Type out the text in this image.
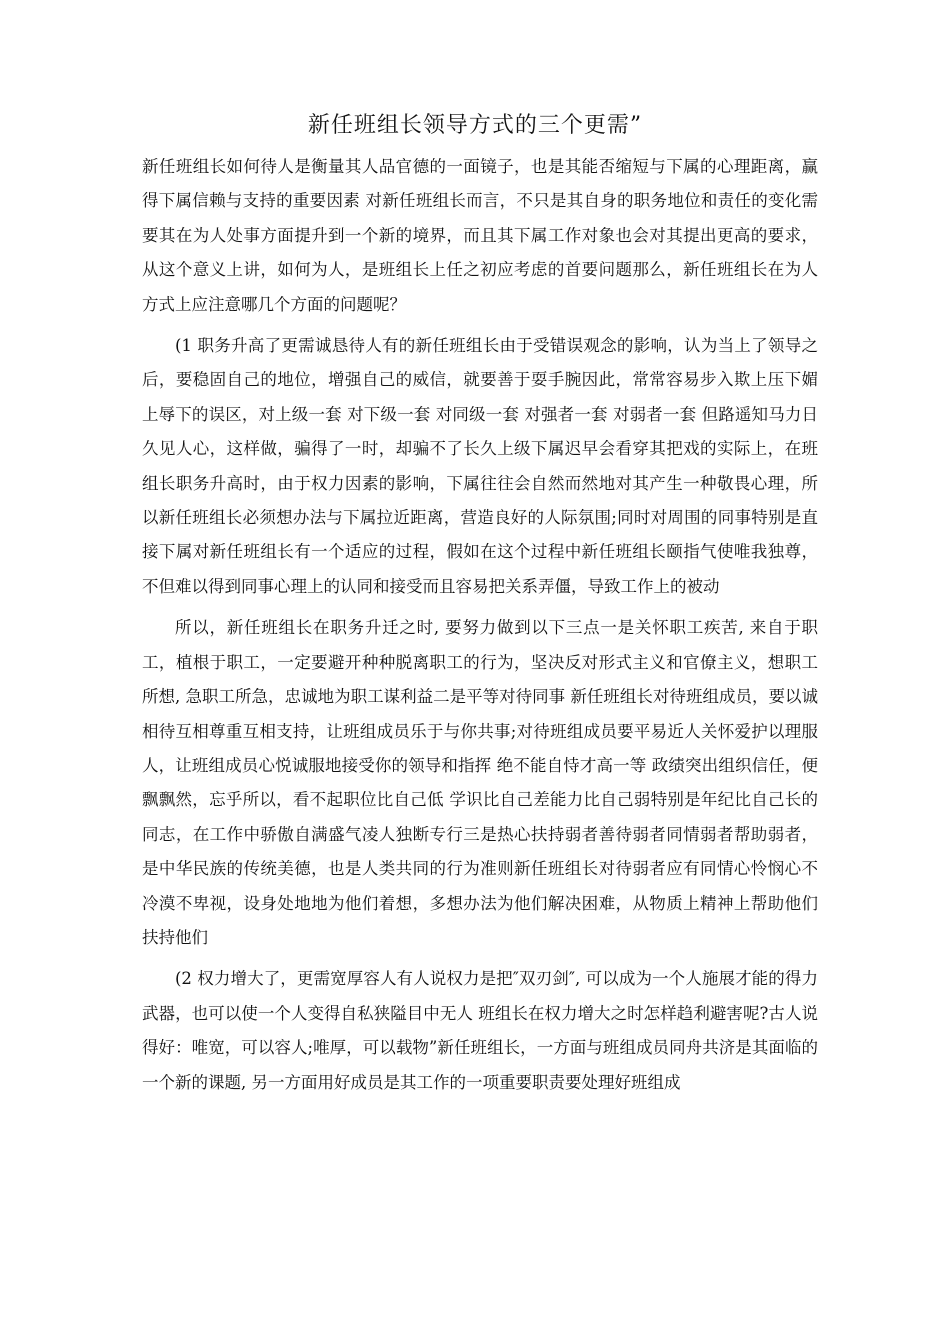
新任班组长领导方式的三个更需”

新任班组长如何待人是衡量其人品官德的一面镜子，也是其能否缩短与下属的心理距离，赢得下属信赖与支持的重要因素 对新任班组长而言，不只是其自身的职务地位和责任的变化需要其在为人处事方面提升到一个新的境界，而且其下属工作对象也会对其提出更高的要求，从这个意义上讲，如何为人，是班组长上任之初应考虑的首要问题那么，新任班组长在为人方式上应注意哪几个方面的问题呢？

(1 职务升高了更需诚恳待人有的新任班组长由于受错误观念的影响，认为当上了领导之后，要稳固自己的地位，增强自己的威信，就要善于耍手腕因此，常常容易步入欺上压下媚上辱下的误区，对上级一套 对下级一套 对同级一套 对强者一套 对弱者一套 但路遥知马力日久见人心，这样做，骗得了一时，却骗不了长久上级下属迟早会看穿其把戏的实际上，在班组长职务升高时，由于权力因素的影响，下属往往会自然而然地对其产生一种敬畏心理，所以新任班组长必须想办法与下属拉近距离，营造良好的人际氛围;同时对周围的同事特别是直接下属对新任班组长有一个适应的过程，假如在这个过程中新任班组长颐指气使唯我独尊，不但难以得到同事心理上的认同和接受而且容易把关系弄僵，导致工作上的被动

所以，新任班组长在职务升迁之时, 要努力做到以下三点一是关怀职工疾苦, 来自于职工，植根于职工，一定要避开种种脱离职工的行为，坚决反对形式主义和官僚主义，想职工所想, 急职工所急，忠诚地为职工谋利益二是平等对待同事 新任班组长对待班组成员，要以诚相待互相尊重互相支持，让班组成员乐于与你共事;对待班组成员要平易近人关怀爱护以理服人，让班组成员心悦诚服地接受你的领导和指挥 绝不能自恃才高一等 政绩突出组织信任，便飘飘然，忘乎所以，看不起职位比自己低 学识比自己差能力比自己弱特别是年纪比自己长的同志，在工作中骄傲自满盛气凌人独断专行三是热心扶持弱者善待弱者同情弱者帮助弱者，是中华民族的传统美德，也是人类共同的行为准则新任班组长对待弱者应有同情心怜悯心不冷漠不卑视，设身处地地为他们着想，多想办法为他们解决困难，从物质上精神上帮助他们扶持他们

(2 权力增大了，更需宽厚容人有人说权力是把″双刃剑″, 可以成为一个人施展才能的得力武器，也可以使一个人变得自私狭隘目中无人 班组长在权力增大之时怎样趋利避害呢?古人说得好：唯宽，可以容人;唯厚，可以载物”新任班组长，一方面与班组成员同舟共济是其面临的一个新的课题, 另一方面用好成员是其工作的一项重要职责要处理好班组成
